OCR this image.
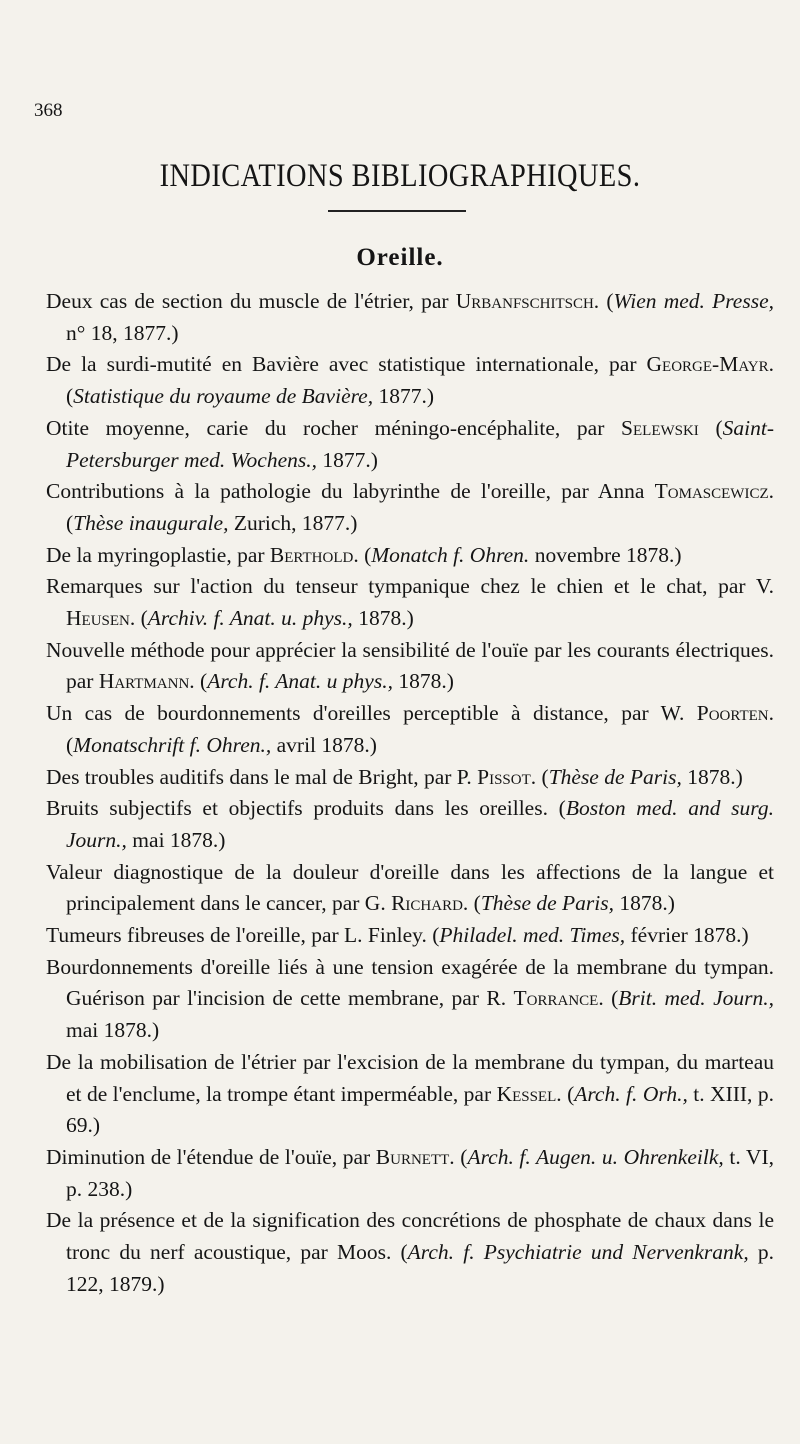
368
INDICATIONS BIBLIOGRAPHIQUES.
Oreille.

Deux cas de section du muscle de l'étrier, par Urbanfschitsch. (Wien med. Presse, n° 18, 1877.)

De la surdi-mutité en Bavière avec statistique internationale, par George-Mayr. (Statistique du royaume de Bavière, 1877.)

Otite moyenne, carie du rocher méningo-encéphalite, par Selewski (Saint-Petersburger med. Wochens., 1877.)

Contributions à la pathologie du labyrinthe de l'oreille, par Anna Tomascewicz. (Thèse inaugurale, Zurich, 1877.)

De la myringoplastie, par Berthold. (Monatch f. Ohren. novembre 1878.)

Remarques sur l'action du tenseur tympanique chez le chien et le chat, par V. Heusen. (Archiv. f. Anat. u. phys., 1878.)

Nouvelle méthode pour apprécier la sensibilité de l'ouïe par les courants électriques. par Hartmann. (Arch. f. Anat. u phys., 1878.)

Un cas de bourdonnements d'oreilles perceptible à distance, par W. Poorten. (Monatschrift f. Ohren., avril 1878.)

Des troubles auditifs dans le mal de Bright, par P. Pissot. (Thèse de Paris, 1878.)

Bruits subjectifs et objectifs produits dans les oreilles. (Boston med. and surg. Journ., mai 1878.)

Valeur diagnostique de la douleur d'oreille dans les affections de la langue et principalement dans le cancer, par G. Richard. (Thèse de Paris, 1878.)

Tumeurs fibreuses de l'oreille, par L. Finley. (Philadel. med. Times, février 1878.)

Bourdonnements d'oreille liés à une tension exagérée de la membrane du tympan. Guérison par l'incision de cette membrane, par R. Torrance. (Brit. med. Journ., mai 1878.)

De la mobilisation de l'étrier par l'excision de la membrane du tympan, du marteau et de l'enclume, la trompe étant imperméable, par Kessel. (Arch. f. Orh., t. XIII, p. 69.)

Diminution de l'étendue de l'ouïe, par Burnett. (Arch. f. Augen. u. Ohrenkeilk, t. VI, p. 238.)

De la présence et de la signification des concrétions de phosphate de chaux dans le tronc du nerf acoustique, par Moos. (Arch. f. Psychiatrie und Nervenkrank, p. 122, 1879.)
